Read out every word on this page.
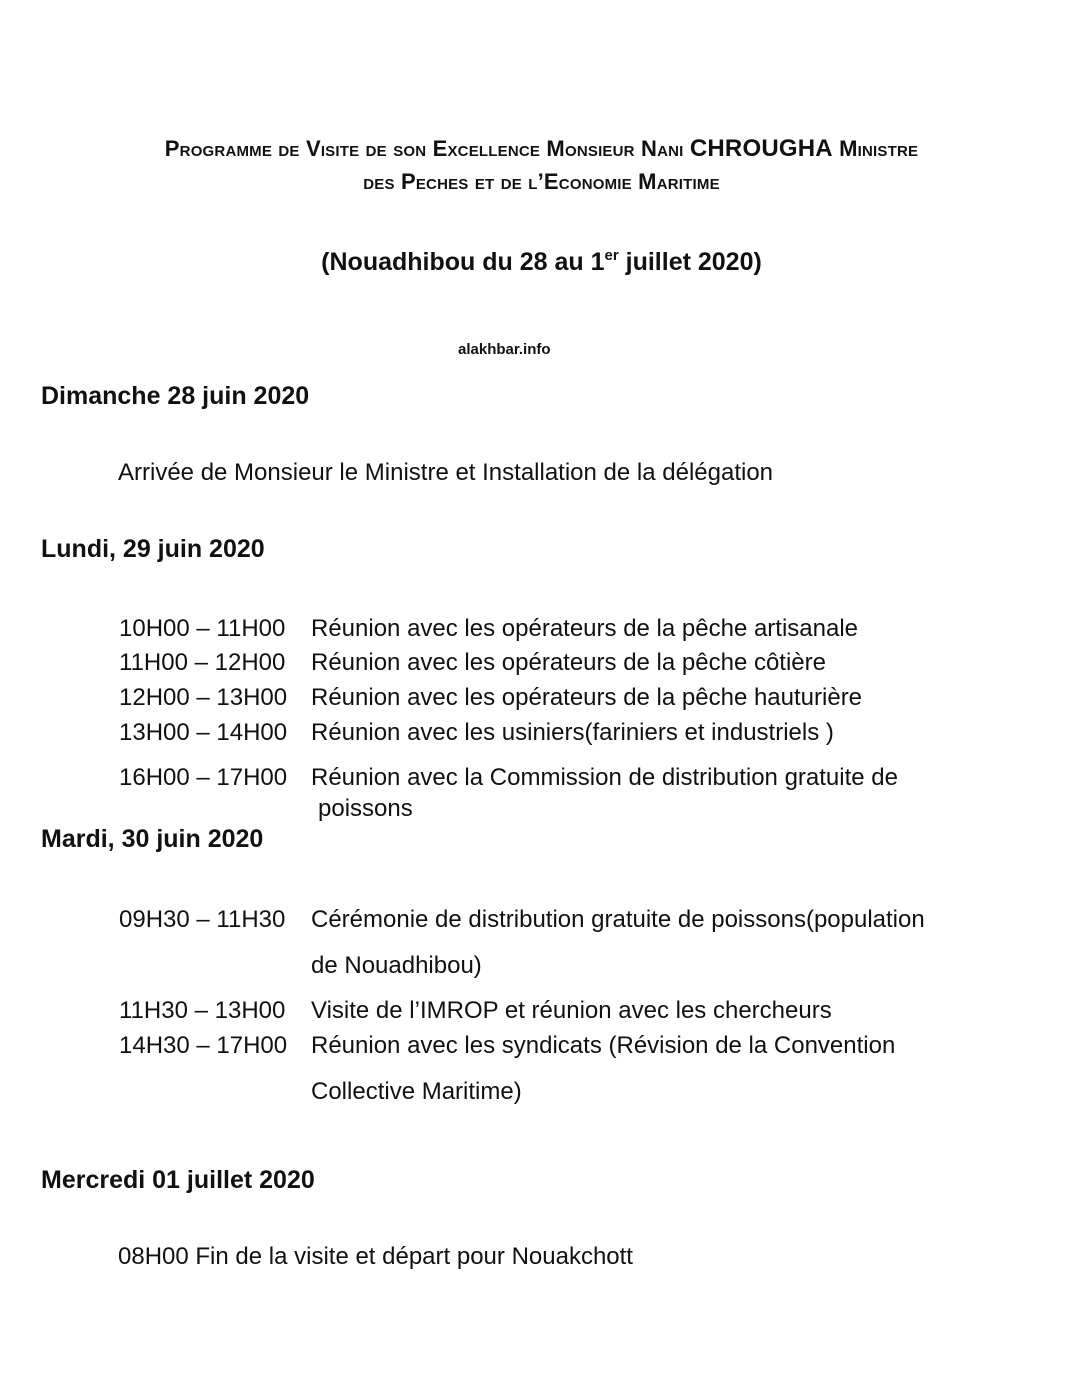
Programme de Visite de son Excellence Monsieur Nani CHROUGHA Ministre
des Peches et de l’Economie Maritime
(Nouadhibou du 28 au 1er juillet 2020)
alakhbar.info
Dimanche 28 juin 2020
Arrivée de Monsieur le Ministre et Installation de la délégation
Lundi, 29 juin 2020
10H00 – 11H00 Réunion avec les opérateurs de la pêche artisanale
11H00 – 12H00 Réunion avec les opérateurs de la pêche côtière
12H00 – 13H00 Réunion avec les opérateurs de la pêche hauturière
13H00 – 14H00 Réunion avec les usiniers(fariniers et industriels )
16H00 – 17H00 Réunion avec la Commission de distribution gratuite de
poissons
Mardi, 30 juin 2020
09H30 – 11H30 Cérémonie de distribution gratuite de poissons(population
de Nouadhibou)
11H30 – 13H00 Visite de l’IMROP et réunion avec les chercheurs
14H30 – 17H00 Réunion avec les syndicats (Révision de la Convention
Collective Maritime)
Mercredi 01 juillet 2020
08H00 Fin de la visite et départ pour Nouakchott
